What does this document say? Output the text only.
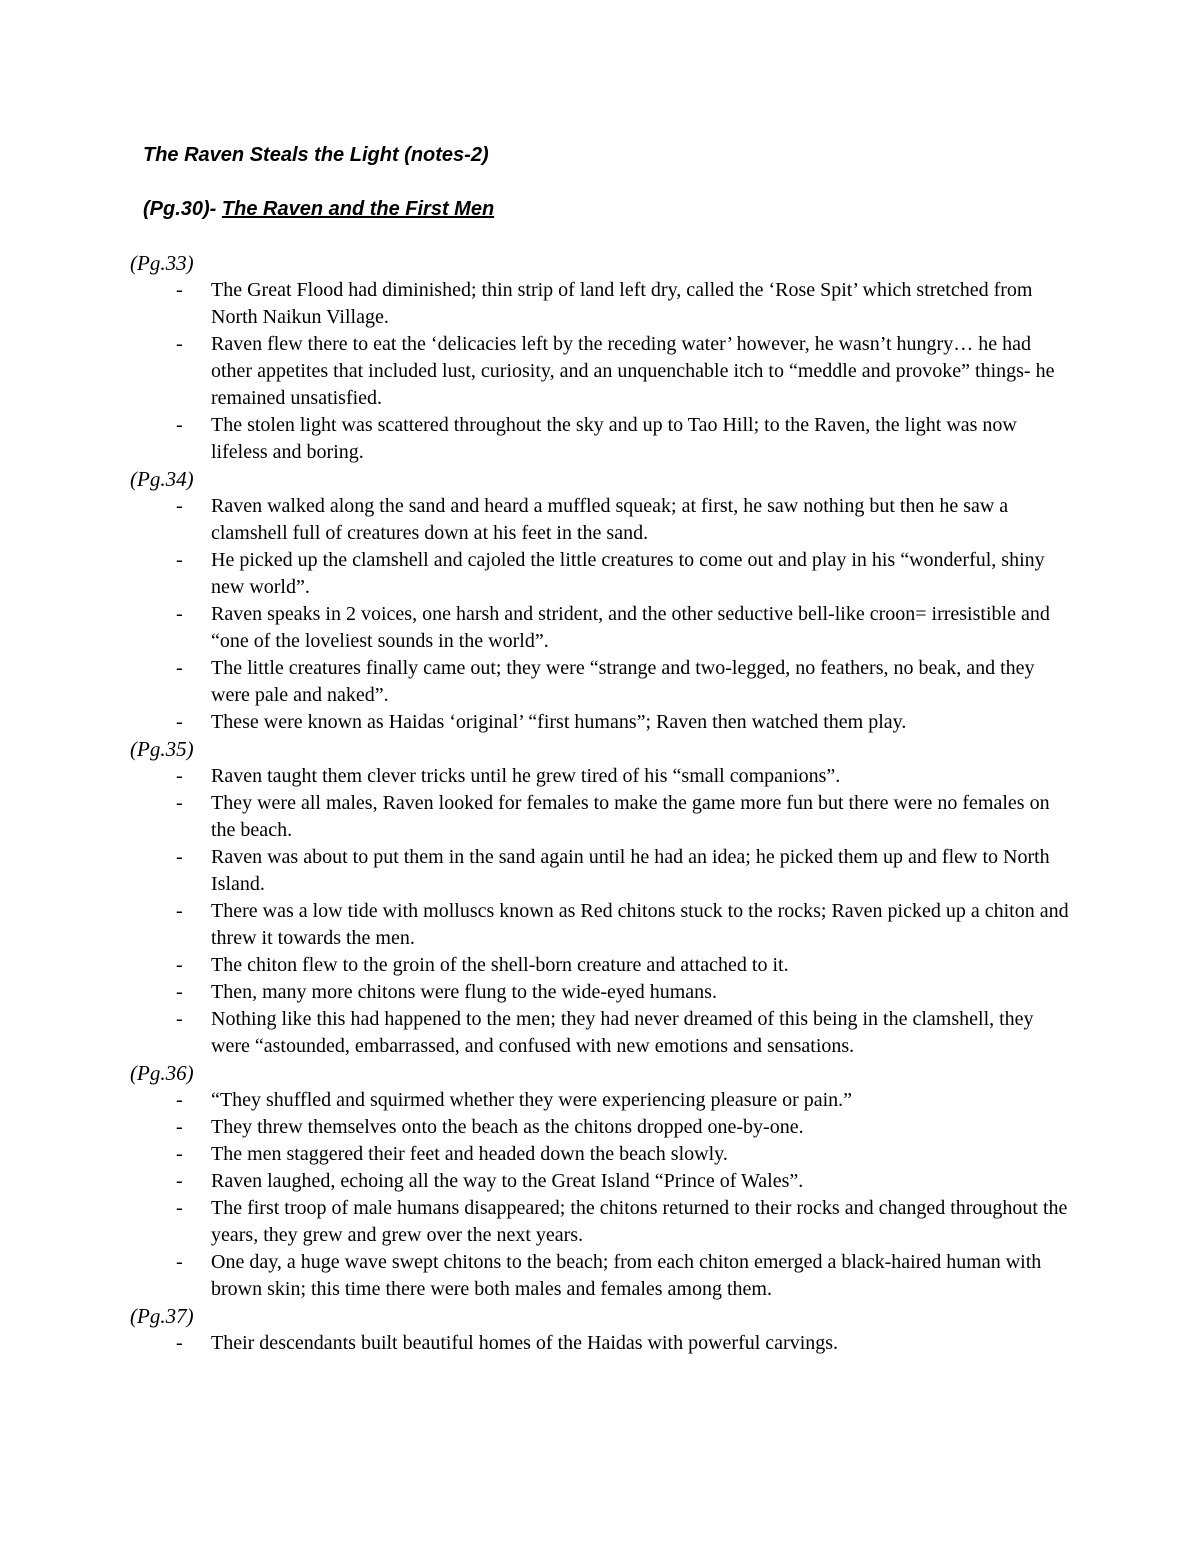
The Raven Steals the Light (notes-2)

(Pg.30)- The Raven and the First Men

(Pg.33)
- The Great Flood had diminished; thin strip of land left dry, called the ‘Rose Spit’ which stretched from North Naikun Village.
- Raven flew there to eat the ‘delicacies left by the receding water’ however, he wasn’t hungry… he had other appetites that included lust, curiosity, and an unquenchable itch to “meddle and provoke” things- he remained unsatisfied.
- The stolen light was scattered throughout the sky and up to Tao Hill; to the Raven, the light was now lifeless and boring.
(Pg.34)
- Raven walked along the sand and heard a muffled squeak; at first, he saw nothing but then he saw a clamshell full of creatures down at his feet in the sand.
- He picked up the clamshell and cajoled the little creatures to come out and play in his “wonderful, shiny new world”.
- Raven speaks in 2 voices, one harsh and strident, and the other seductive bell-like croon= irresistible and “one of the loveliest sounds in the world”.
- The little creatures finally came out; they were “strange and two-legged, no feathers, no beak, and they were pale and naked”.
- These were known as Haidas ‘original’ “first humans”; Raven then watched them play.
(Pg.35)
- Raven taught them clever tricks until he grew tired of his “small companions”.
- They were all males, Raven looked for females to make the game more fun but there were no females on the beach.
- Raven was about to put them in the sand again until he had an idea; he picked them up and flew to North Island.
- There was a low tide with molluscs known as Red chitons stuck to the rocks; Raven picked up a chiton and threw it towards the men.
- The chiton flew to the groin of the shell-born creature and attached to it.
- Then, many more chitons were flung to the wide-eyed humans.
- Nothing like this had happened to the men; they had never dreamed of this being in the clamshell, they were “astounded, embarrassed, and confused with new emotions and sensations.
(Pg.36)
- “They shuffled and squirmed whether they were experiencing pleasure or pain.”
- They threw themselves onto the beach as the chitons dropped one-by-one.
- The men staggered their feet and headed down the beach slowly.
- Raven laughed, echoing all the way to the Great Island “Prince of Wales”.
- The first troop of male humans disappeared; the chitons returned to their rocks and changed throughout the years, they grew and grew over the next years.
- One day, a huge wave swept chitons to the beach; from each chiton emerged a black-haired human with brown skin; this time there were both males and females among them.
(Pg.37)
- Their descendants built beautiful homes of the Haidas with powerful carvings.
